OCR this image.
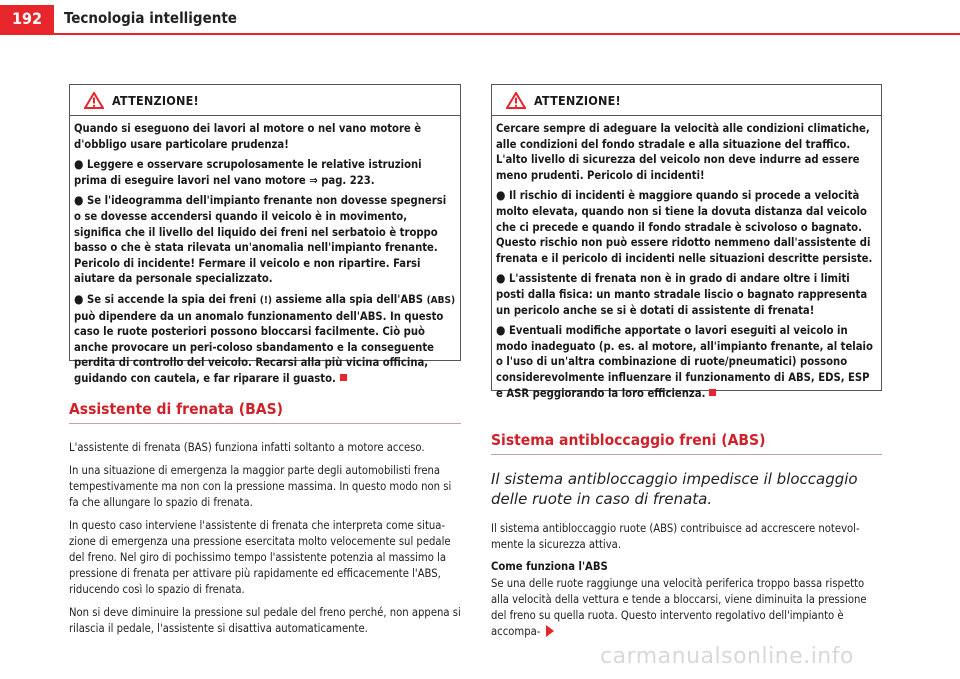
192	Tecnologia intelligente
ATTENZIONE!

Quando si eseguono dei lavori al motore o nel vano motore è d'obbligo usare particolare prudenza!

● Leggere e osservare scrupolosamente le relative istruzioni prima di eseguire lavori nel vano motore ⇒ pag. 223.

● Se l'ideogramma dell'impianto frenante non dovesse spegnersi o se dovesse accendersi quando il veicolo è in movimento, significa che il livello del liquido dei freni nel serbatoio è troppo basso o che è stata rilevata un'anomalia nell'impianto frenante. Pericolo di incidente! Fermare il veicolo e non ripartire. Farsi aiutare da personale specializzato.

● Se si accende la spia dei freni (!) assieme alla spia dell'ABS (ABS) può dipendere da un anomalo funzionamento dell'ABS. In questo caso le ruote posteriori possono bloccarsi facilmente. Ciò può anche provocare un peri-coloso sbandamento e la conseguente perdita di controllo del veicolo. Recarsi alla più vicina officina, guidando con cautela, e far riparare il guasto.

Assistente di frenata (BAS)

L'assistente di frenata (BAS) funziona infatti soltanto a motore acceso.

In una situazione di emergenza la maggior parte degli automobilisti frena tempestivamente ma non con la pressione massima. In questo modo non si fa che allungare lo spazio di frenata.

In questo caso interviene l'assistente di frenata che interpreta come situa-zione di emergenza una pressione esercitata molto velocemente sul pedale del freno. Nel giro di pochissimo tempo l'assistente potenzia al massimo la pressione di frenata per attivare più rapidamente ed efficacemente l'ABS, riducendo così lo spazio di frenata.

Non si deve diminuire la pressione sul pedale del freno perché, non appena si rilascia il pedale, l'assistente si disattiva automaticamente.

ATTENZIONE!

Cercare sempre di adeguare la velocità alle condizioni climatiche, alle condizioni del fondo stradale e alla situazione del traffico. L'alto livello di sicurezza del veicolo non deve indurre ad essere meno prudenti. Pericolo di incidenti!

● Il rischio di incidenti è maggiore quando si procede a velocità molto elevata, quando non si tiene la dovuta distanza dal veicolo che ci precede e quando il fondo stradale è scivoloso o bagnato. Questo rischio non può essere ridotto nemmeno dall'assistente di frenata e il pericolo di incidenti nelle situazioni descritte persiste.

● L'assistente di frenata non è in grado di andare oltre i limiti posti dalla fisica: un manto stradale liscio o bagnato rappresenta un pericolo anche se si è dotati di assistente di frenata!

● Eventuali modifiche apportate o lavori eseguiti al veicolo in modo inadeguato (p. es. al motore, all'impianto frenante, al telaio o l'uso di un'altra combinazione di ruote/pneumatici) possono considerevolmente influenzare il funzionamento di ABS, EDS, ESP e ASR peggiorando la loro efficienza.

Sistema antibloccaggio freni (ABS)

Il sistema antibloccaggio impedisce il bloccaggio delle ruote in caso di frenata.

Il sistema antibloccaggio ruote (ABS) contribuisce ad accrescere notevol-mente la sicurezza attiva.

Come funziona l'ABS

Se una delle ruote raggiunge una velocità periferica troppo bassa rispetto alla velocità della vettura e tende a bloccarsi, viene diminuita la pressione del freno su quella ruota. Questo intervento regolativo dell'impianto è accompa-

carmanualsonline.info
